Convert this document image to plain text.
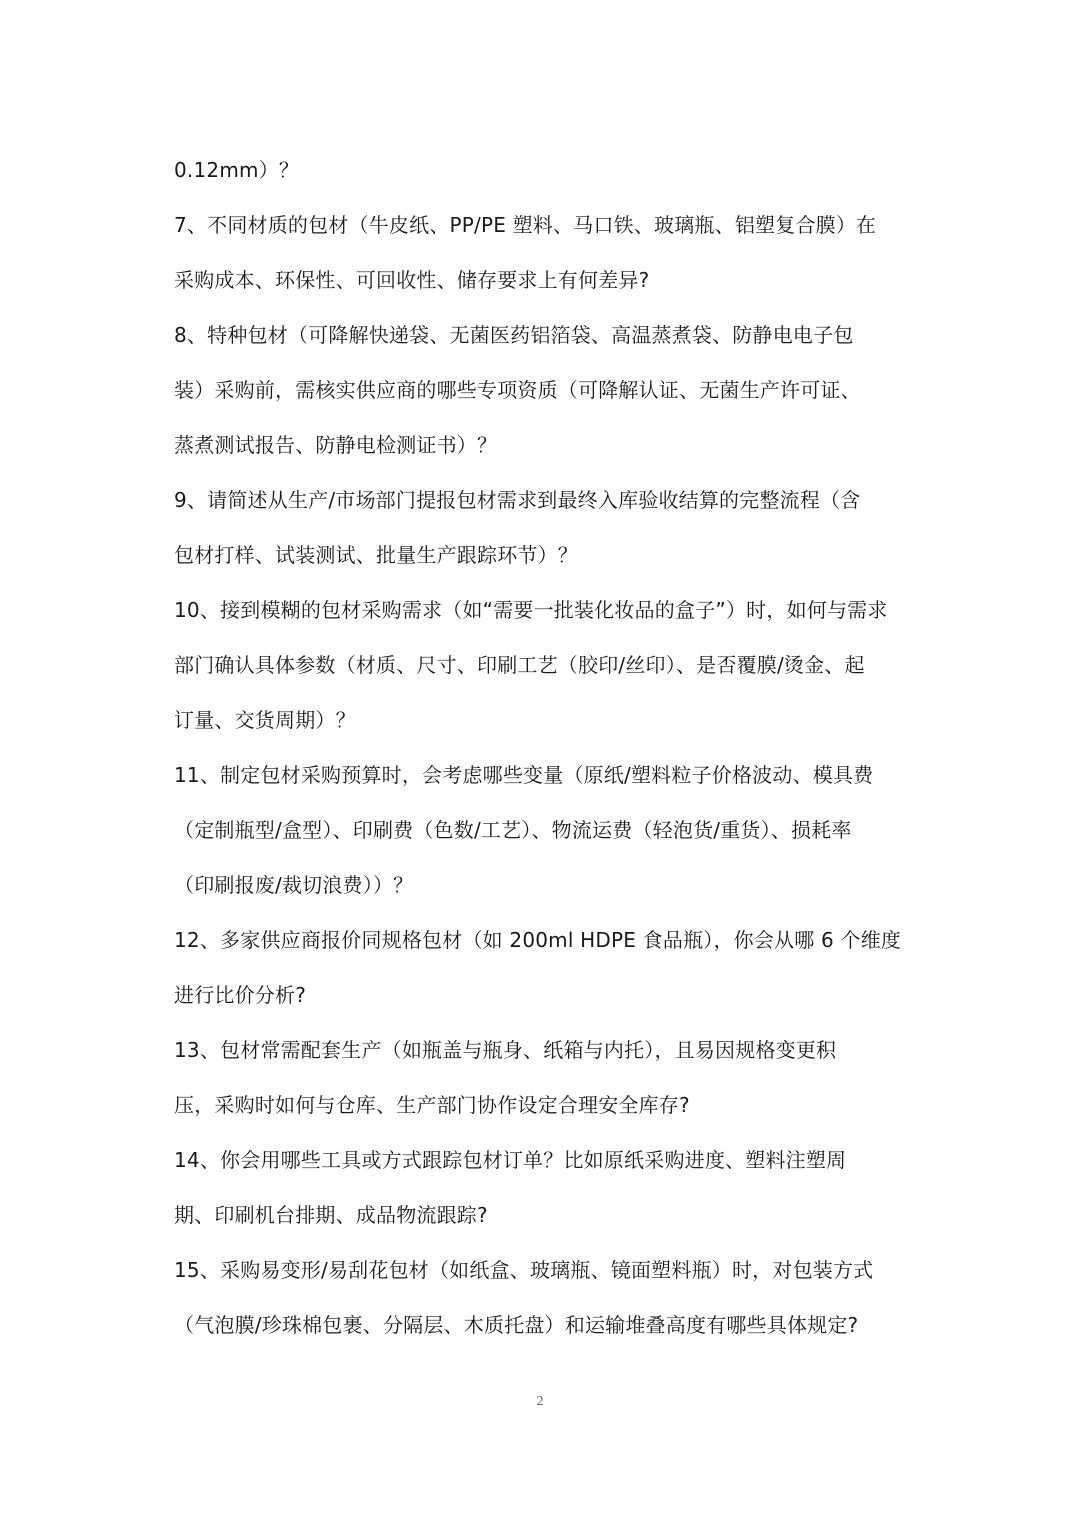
0.12mm）？
7、不同材质的包材（牛皮纸、PP/PE 塑料、马口铁、玻璃瓶、铝塑复合膜）在
采购成本、环保性、可回收性、储存要求上有何差异?
8、特种包材（可降解快递袋、无菌医药铝箔袋、高温蒸煮袋、防静电电子包
装）采购前，需核实供应商的哪些专项资质（可降解认证、无菌生产许可证、
蒸煮测试报告、防静电检测证书）？
9、请简述从生产/市场部门提报包材需求到最终入库验收结算的完整流程（含
包材打样、试装测试、批量生产跟踪环节）？
10、接到模糊的包材采购需求（如“需要一批装化妆品的盒子”）时，如何与需求
部门确认具体参数（材质、尺寸、印刷工艺（胶印/丝印）、是否覆膜/烫金、起
订量、交货周期）？
11、制定包材采购预算时，会考虑哪些变量（原纸/塑料粒子价格波动、模具费
（定制瓶型/盒型）、印刷费（色数/工艺）、物流运费（轻泡货/重货）、损耗率
（印刷报废/裁切浪费））？
12、多家供应商报价同规格包材（如 200ml HDPE 食品瓶），你会从哪 6 个维度
进行比价分析?
13、包材常需配套生产（如瓶盖与瓶身、纸箱与内托），且易因规格变更积
压，采购时如何与仓库、生产部门协作设定合理安全库存?
14、你会用哪些工具或方式跟踪包材订单？比如原纸采购进度、塑料注塑周
期、印刷机台排期、成品物流跟踪?
15、采购易变形/易刮花包材（如纸盒、玻璃瓶、镜面塑料瓶）时，对包装方式
（气泡膜/珍珠棉包裹、分隔层、木质托盘）和运输堆叠高度有哪些具体规定?
2
